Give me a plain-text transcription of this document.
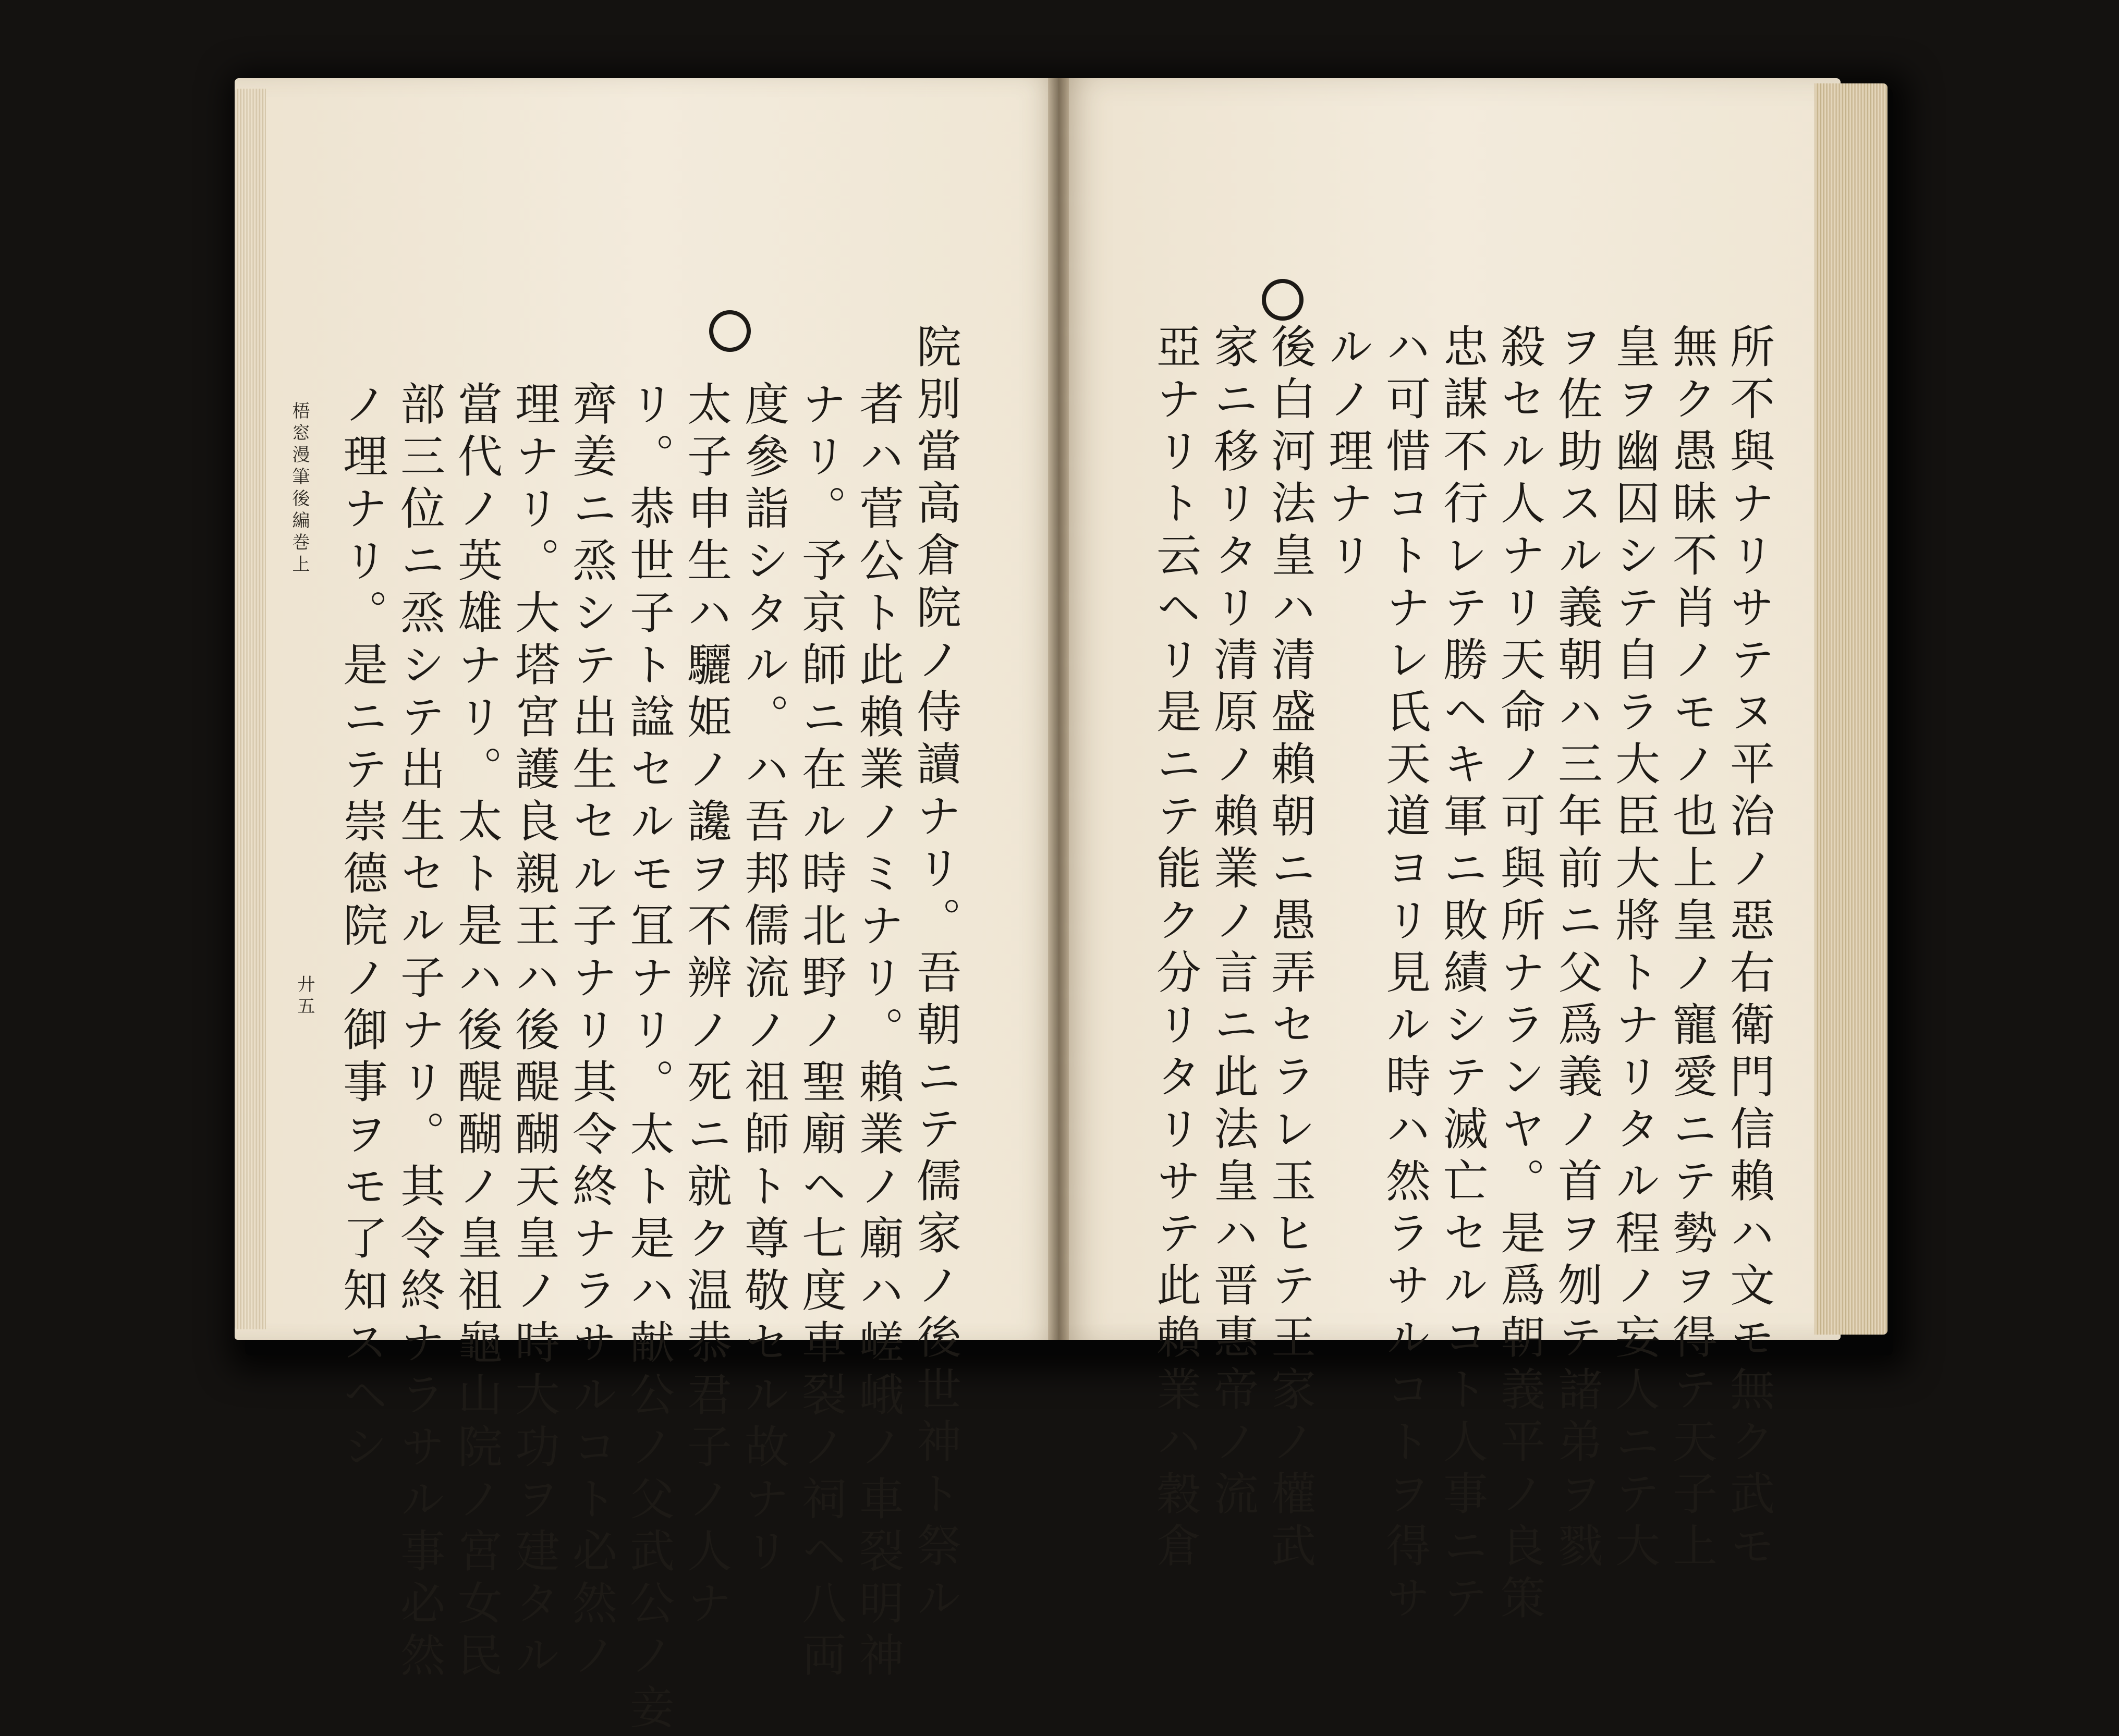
院別當高倉院ノ侍讀ナリ。吾朝ニテ儒家ノ後世神ト祭ル
者ハ菅公ト此賴業ノミナリ。賴業ノ廟ハ嵯峨ノ車裂明神
ナリ。予京師ニ在ル時北野ノ聖廟ヘ七度車裂ノ祠ヘ八両
度參詣シタル。ハ吾邦儒流ノ祖師ト尊敬セル故ナリ
太子申生ハ驪姫ノ讒ヲ不辨ノ死ニ就ク温恭君子ノ人ナ
リ。恭世子ト諡セルモ冝ナリ。太ト是ハ献公ノ父武公ノ妾
齊姜ニ烝シテ出生セル子ナリ其令終ナラサルコト必然ノ
理ナリ。大塔宮護良親王ハ後醍醐天皇ノ時大功ヲ建タル
當代ノ英雄ナリ。太ト是ハ後醍醐ノ皇祖龜山院ノ宮女民
部三位ニ烝シテ出生セル子ナリ。其令終ナラサル事必然
ノ理ナリ。是ニテ崇德院ノ御事ヲモ了知スヘシ
梧窓漫筆後編巻上
廾五	所不與ナリサテヌ平治ノ惡右衛門信賴ハ文モ無ク武モ
無ク愚昧不肖ノモノ也上皇ノ寵愛ニテ勢ヲ得テ天子上
皇ヲ幽囚シテ自ラ大臣大將トナリタル程ノ妄人ニテ大
ヲ佐助スル義朝ハ三年前ニ父爲義ノ首ヲ刎テ諸弟ヲ戮
殺セル人ナリ天命ノ可與所ナランヤ。是爲朝義平ノ良策
忠謀不行レテ勝ヘキ軍ニ敗績シテ滅亡セルコト人事ニテ
ハ可惜コトナレ氏天道ヨリ見ル時ハ然ラサルコトヲ得サ
ルノ理ナリ
後白河法皇ハ清盛賴朝ニ愚弄セラレ玉ヒテ王家ノ權武
家ニ移リタリ清原ノ賴業ノ言ニ此法皇ハ晋惠帝ノ流
亞ナリト云ヘリ是ニテ能ク分リタリサテ此賴業ハ穀倉
